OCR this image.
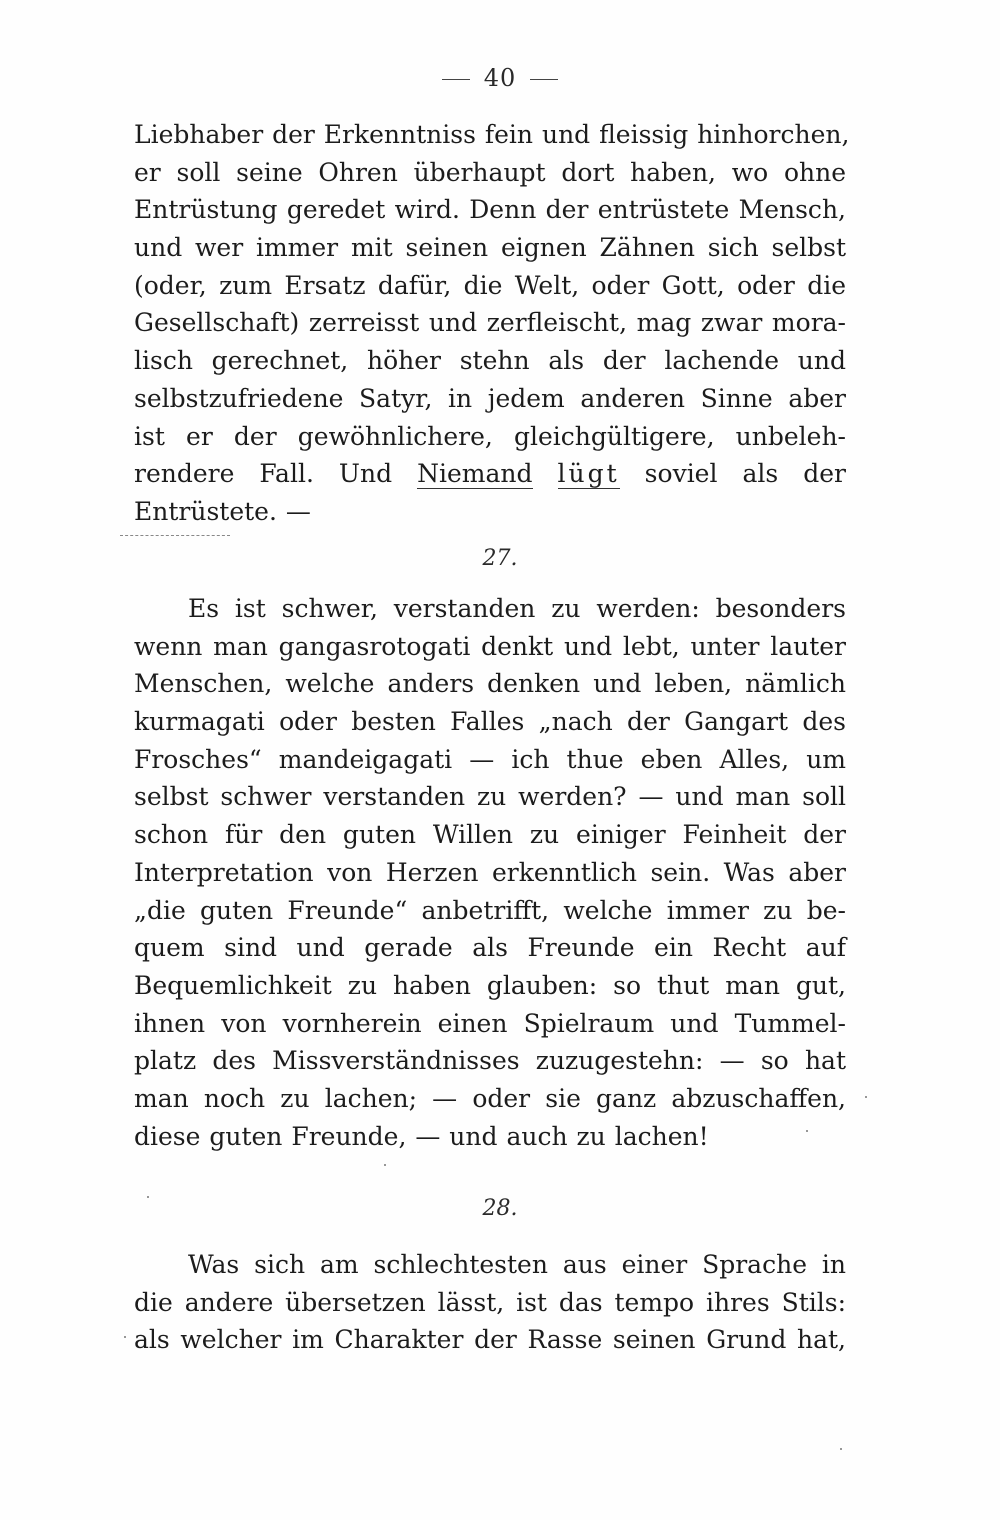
40
Liebhaber der Erkenntniss fein und fleissig hinhorchen,
er soll seine Ohren überhaupt dort haben, wo ohne
Entrüstung geredet wird. Denn der entrüstete Mensch,
und wer immer mit seinen eignen Zähnen sich selbst
(oder, zum Ersatz dafür, die Welt, oder Gott, oder die
Gesellschaft) zerreisst und zerfleischt, mag zwar mora-
lisch gerechnet, höher stehn als der lachende und
selbstzufriedene Satyr, in jedem anderen Sinne aber
ist er der gewöhnlichere, gleichgültigere, unbeleh-
rendere Fall. Und Niemand lügt soviel als der
Entrüstete. —
27.
Es ist schwer, verstanden zu werden: besonders
wenn man gangasrotogati denkt und lebt, unter lauter
Menschen, welche anders denken und leben, nämlich
kurmagati oder besten Falles „nach der Gangart des
Frosches“ mandeigagati — ich thue eben Alles, um
selbst schwer verstanden zu werden? — und man soll
schon für den guten Willen zu einiger Feinheit der
Interpretation von Herzen erkenntlich sein. Was aber
„die guten Freunde“ anbetrifft, welche immer zu be-
quem sind und gerade als Freunde ein Recht auf
Bequemlichkeit zu haben glauben: so thut man gut,
ihnen von vornherein einen Spielraum und Tummel-
platz des Missverständnisses zuzugestehn: — so hat
man noch zu lachen; — oder sie ganz abzuschaffen,
diese guten Freunde, — und auch zu lachen!
28.
Was sich am schlechtesten aus einer Sprache in
die andere übersetzen lässt, ist das tempo ihres Stils:
als welcher im Charakter der Rasse seinen Grund hat,
